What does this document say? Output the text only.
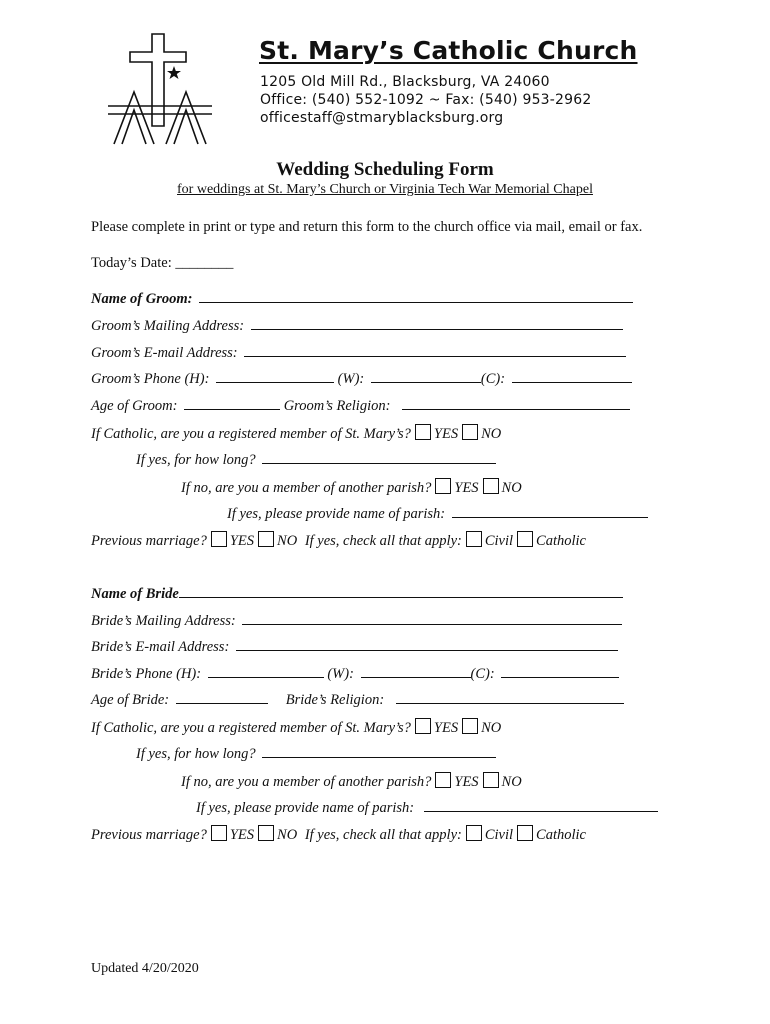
St. Mary’s Catholic Church
1205 Old Mill Rd., Blacksburg, VA 24060
Office: (540) 552-1092 ~ Fax: (540) 953-2962
officestaff@stmaryblacksburg.org
Wedding Scheduling Form
for weddings at St. Mary’s Church or Virginia Tech War Memorial Chapel
Please complete in print or type and return this form to the church office via mail, email or fax.
Today’s Date: ________
Name of Groom:
Groom’s Mailing Address:
Groom’s E-mail Address:
Groom’s Phone (H):	(W):	(C):
Age of Groom:	Groom’s Religion:
If Catholic, are you a registered member of St. Mary’s? YES NO
If yes, for how long?
If no, are you a member of another parish? YES NO
If yes, please provide name of parish:
Previous marriage? YES NO If yes, check all that apply: Civil Catholic
Name of Bride
Bride’s Mailing Address:
Bride’s E-mail Address:
Bride’s Phone (H):	(W):	(C):
Age of Bride:	Bride’s Religion:
If Catholic, are you a registered member of St. Mary’s? YES NO
If yes, for how long?
If no, are you a member of another parish? YES NO
If yes, please provide name of parish:
Previous marriage? YES NO If yes, check all that apply: Civil Catholic
Updated 4/20/2020
